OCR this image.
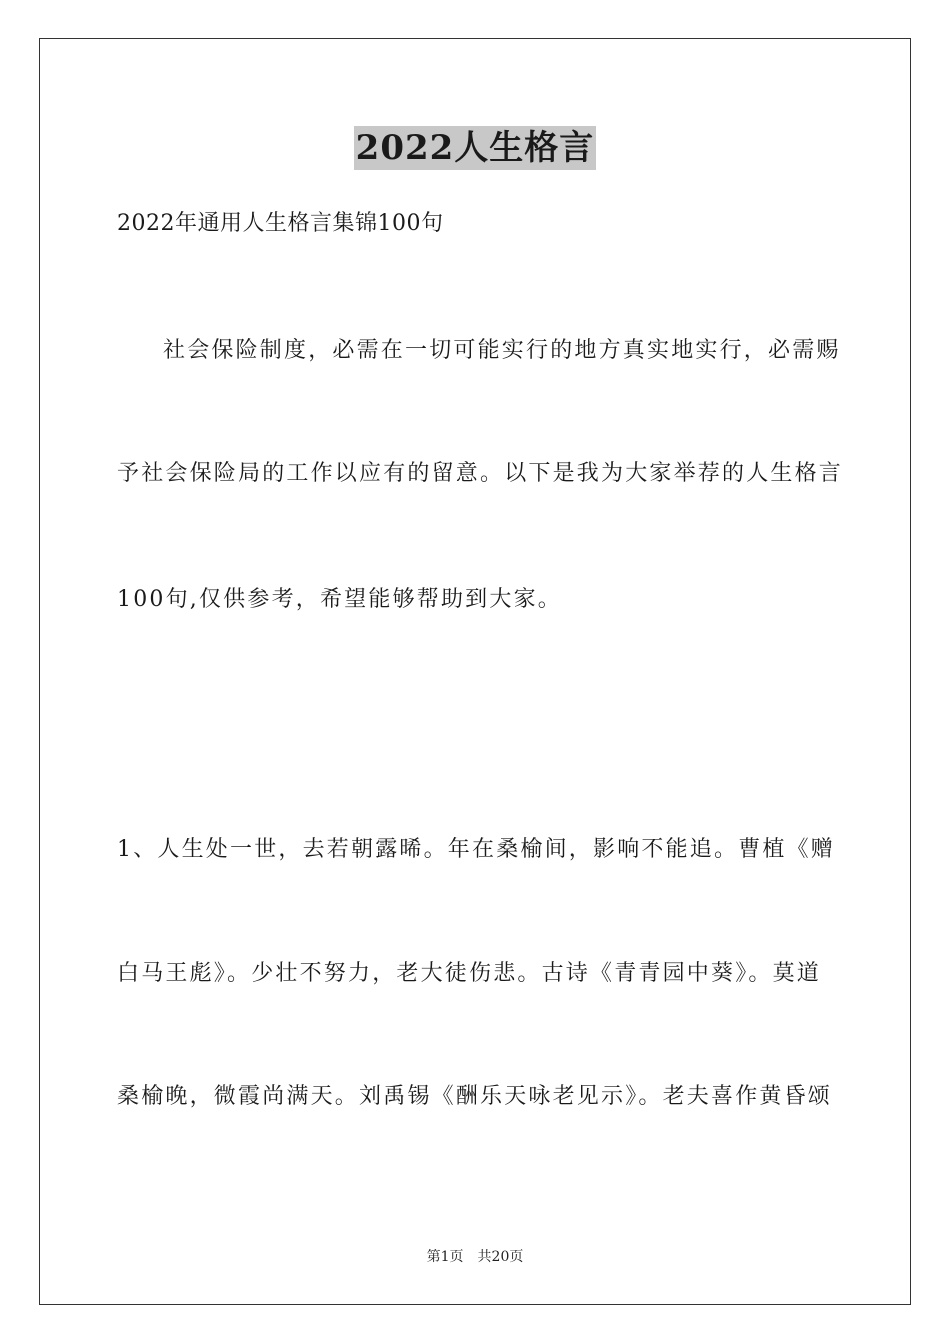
2022人生格言
2022年通用人生格言集锦100句
社会保险制度，必需在一切可能实行的地方真实地实行，必需赐
予社会保险局的工作以应有的留意。以下是我为大家举荐的人生格言
100句,仅供参考，希望能够帮助到大家。
1、人生处一世，去若朝露晞。年在桑榆间，影响不能追。曹植《赠
白马王彪》。少壮不努力，老大徒伤悲。古诗《青青园中葵》。莫道
桑榆晚，微霞尚满天。刘禹锡《酬乐天咏老见示》。老夫喜作黄昏颂
第1页 共20页
